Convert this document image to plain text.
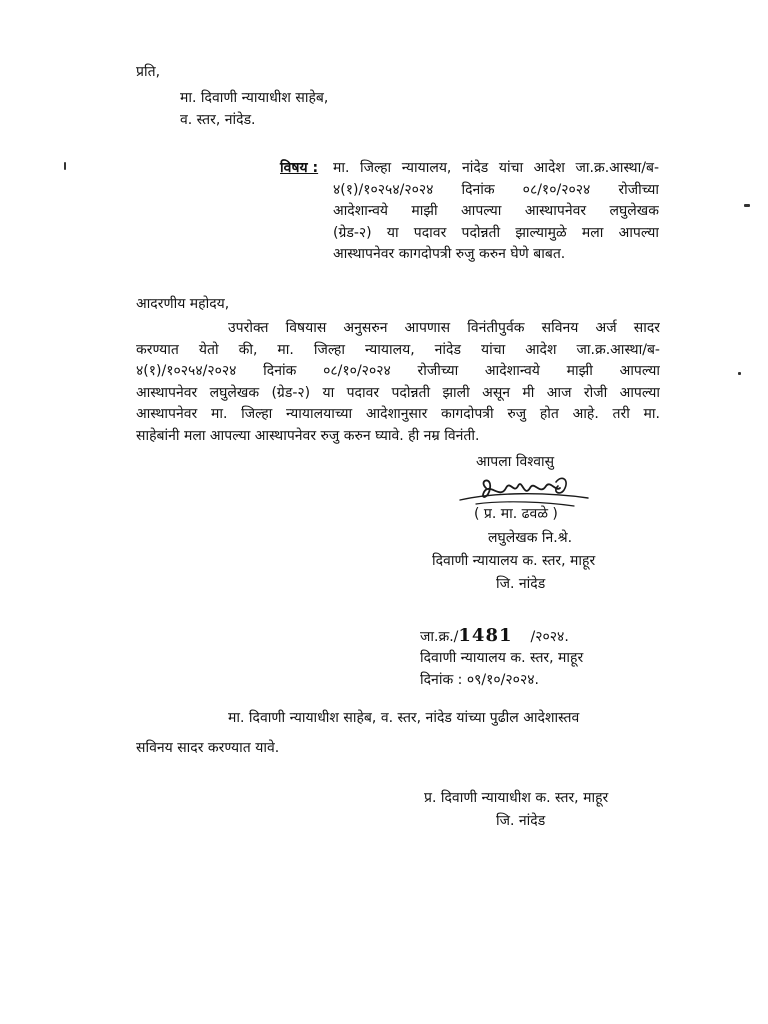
प्रति,
मा. दिवाणी न्यायाधीश साहेब,
व. स्तर, नांदेड.
विषय : मा. जिल्हा न्यायालय, नांदेड यांचा आदेश जा.क्र.आस्था/ब-
४(१)/१०२५४/२०२४ दिनांक ०८/१०/२०२४ रोजीच्या
आदेशान्वये माझी आपल्या आस्थापनेवर लघुलेखक
(ग्रेड-२) या पदावर पदोन्नती झाल्यामुळे मला आपल्या
आस्थापनेवर कागदोपत्री रुजु करुन घेणे बाबत.
आदरणीय महोदय,
उपरोक्त विषयास अनुसरुन आपणास विनंतीपुर्वक सविनय अर्ज सादर
करण्यात येतो की, मा. जिल्हा न्यायालय, नांदेड यांचा आदेश जा.क्र.आस्था/ब-
४(१)/१०२५४/२०२४ दिनांक ०८/१०/२०२४ रोजीच्या आदेशान्वये माझी आपल्या
आस्थापनेवर लघुलेखक (ग्रेड-२) या पदावर पदोन्नती झाली असून मी आज रोजी आपल्या
आस्थापनेवर मा. जिल्हा न्यायालयाच्या आदेशानुसार कागदोपत्री रुजु होत आहे. तरी मा.
साहेबांनी मला आपल्या आस्थापनेवर रुजु करुन घ्यावे. ही नम्र विनंती.
आपला विश्वासु
( प्र. मा. ढवळे )
लघुलेखक नि.श्रे.
दिवाणी न्यायालय क. स्तर, माहूर
जि. नांदेड
जा.क्र./1481 /२०२४.
दिवाणी न्यायालय क. स्तर, माहूर
दिनांक : ०९/१०/२०२४.
मा. दिवाणी न्यायाधीश साहेब, व. स्तर, नांदेड यांच्या पुढील आदेशास्तव
सविनय सादर करण्यात यावे.
प्र. दिवाणी न्यायाधीश क. स्तर, माहूर
जि. नांदेड
